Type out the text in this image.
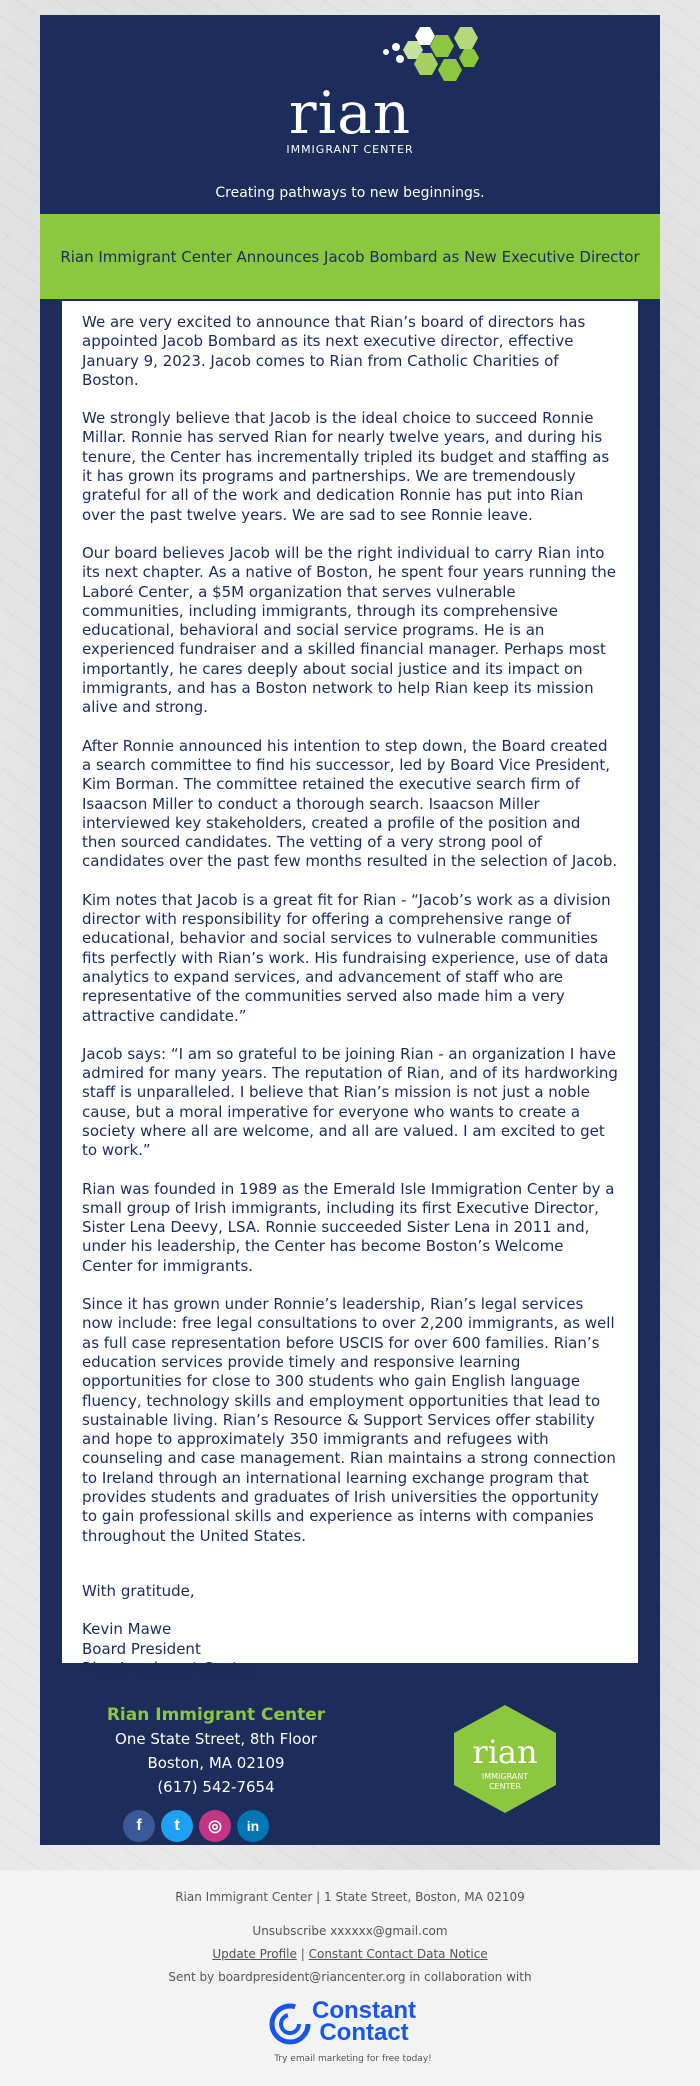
rian
IMMIGRANT CENTER
Creating pathways to new beginnings.
Rian Immigrant Center Announces Jacob Bombard as New Executive Director

We are very excited to announce that Rian’s board of directors has appointed Jacob Bombard as its next executive director, effective January 9, 2023. Jacob comes to Rian from Catholic Charities of Boston.

We strongly believe that Jacob is the ideal choice to succeed Ronnie Millar. Ronnie has served Rian for nearly twelve years, and during his tenure, the Center has incrementally tripled its budget and staffing as it has grown its programs and partnerships. We are tremendously grateful for all of the work and dedication Ronnie has put into Rian over the past twelve years. We are sad to see Ronnie leave.

Our board believes Jacob will be the right individual to carry Rian into its next chapter. As a native of Boston, he spent four years running the Laboré Center, a $5M organization that serves vulnerable communities, including immigrants, through its comprehensive educational, behavioral and social service programs. He is an experienced fundraiser and a skilled financial manager. Perhaps most importantly, he cares deeply about social justice and its impact on immigrants, and has a Boston network to help Rian keep its mission alive and strong.

After Ronnie announced his intention to step down, the Board created a search committee to find his successor, led by Board Vice President, Kim Borman. The committee retained the executive search firm of Isaacson Miller to conduct a thorough search. Isaacson Miller interviewed key stakeholders, created a profile of the position and then sourced candidates. The vetting of a very strong pool of candidates over the past few months resulted in the selection of Jacob.

Kim notes that Jacob is a great fit for Rian - “Jacob’s work as a division director with responsibility for offering a comprehensive range of educational, behavior and social services to vulnerable communities fits perfectly with Rian’s work. His fundraising experience, use of data analytics to expand services, and advancement of staff who are representative of the communities served also made him a very attractive candidate.”

Jacob says: “I am so grateful to be joining Rian - an organization I have admired for many years. The reputation of Rian, and of its hardworking staff is unparalleled. I believe that Rian’s mission is not just a noble cause, but a moral imperative for everyone who wants to create a society where all are welcome, and all are valued. I am excited to get to work.”

Rian was founded in 1989 as the Emerald Isle Immigration Center by a small group of Irish immigrants, including its first Executive Director, Sister Lena Deevy, LSA. Ronnie succeeded Sister Lena in 2011 and, under his leadership, the Center has become Boston’s Welcome Center for immigrants.

Since it has grown under Ronnie’s leadership, Rian’s legal services now include: free legal consultations to over 2,200 immigrants, as well as full case representation before USCIS for over 600 families. Rian’s education services provide timely and responsive learning opportunities for close to 300 students who gain English language fluency, technology skills and employment opportunities that lead to sustainable living. Rian’s Resource & Support Services offer stability and hope to approximately 350 immigrants and refugees with counseling and case management. Rian maintains a strong connection to Ireland through an international learning exchange program that provides students and graduates of Irish universities the opportunity to gain professional skills and experience as interns with companies throughout the United States.

With gratitude,

Kevin Mawe
Board President
Rian Immigrant Center
Rian Immigrant Center
One State Street, 8th Floor
Boston, MA 02109
(617) 542-7654
f	t	◎	in
rian
IMMIGRANT
CENTER
Rian Immigrant Center | 1 State Street, Boston, MA 02109
Unsubscribe xxxxxx@gmail.com
Update Profile | Constant Contact Data Notice
Sent by boardpresident@riancenter.org in collaboration with
Constant
Contact
Try email marketing for free today!
